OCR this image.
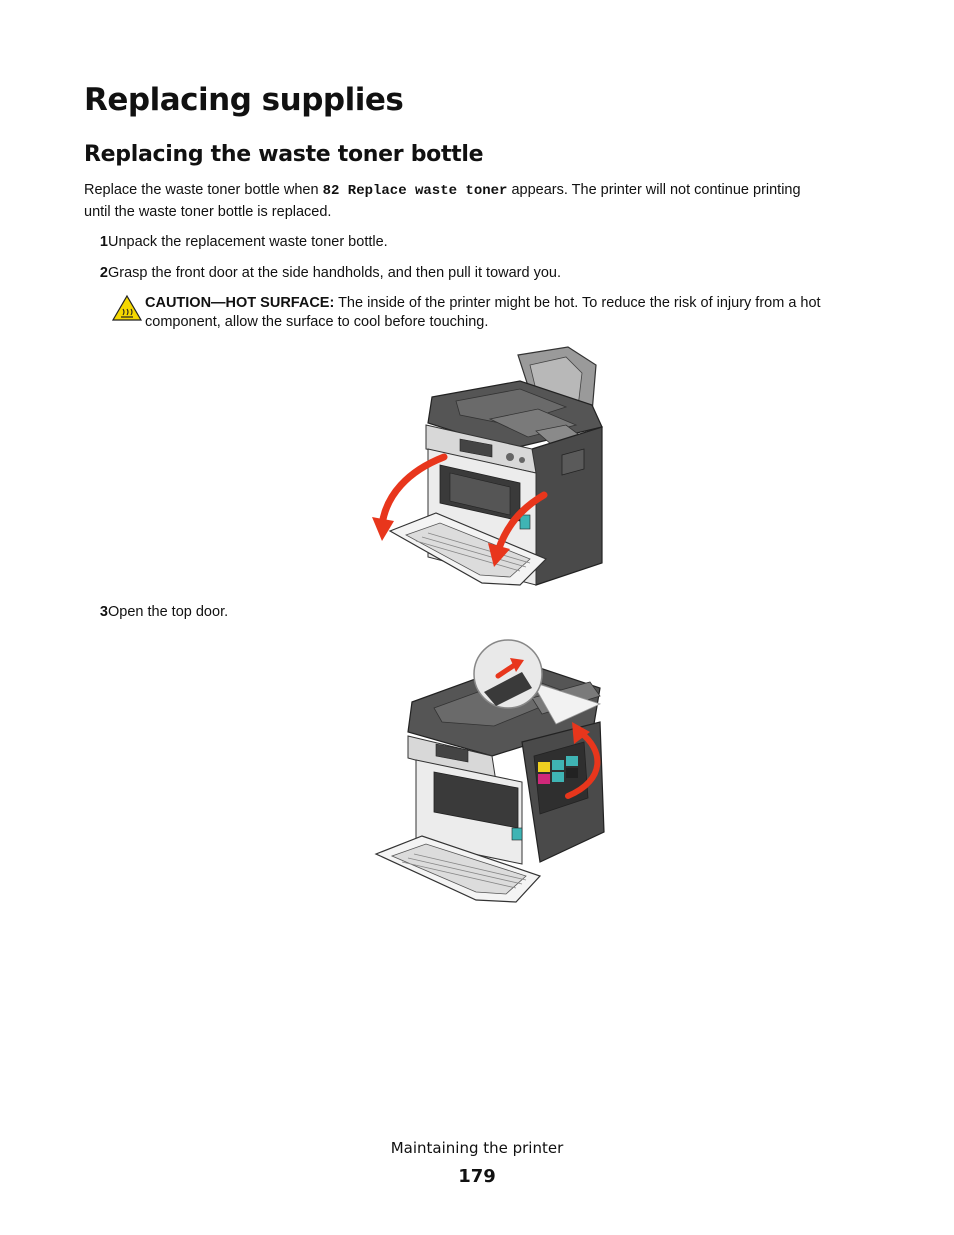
Replacing supplies
Replacing the waste toner bottle
Replace the waste toner bottle when 82 Replace waste toner appears. The printer will not continue printing
until the waste toner bottle is replaced.
1 Unpack the replacement waste toner bottle.
2 Grasp the front door at the side handholds, and then pull it toward you.
CAUTION—HOT SURFACE: The inside of the printer might be hot. To reduce the risk of injury from a hot
component, allow the surface to cool before touching.
3 Open the top door.
Maintaining the printer
179
